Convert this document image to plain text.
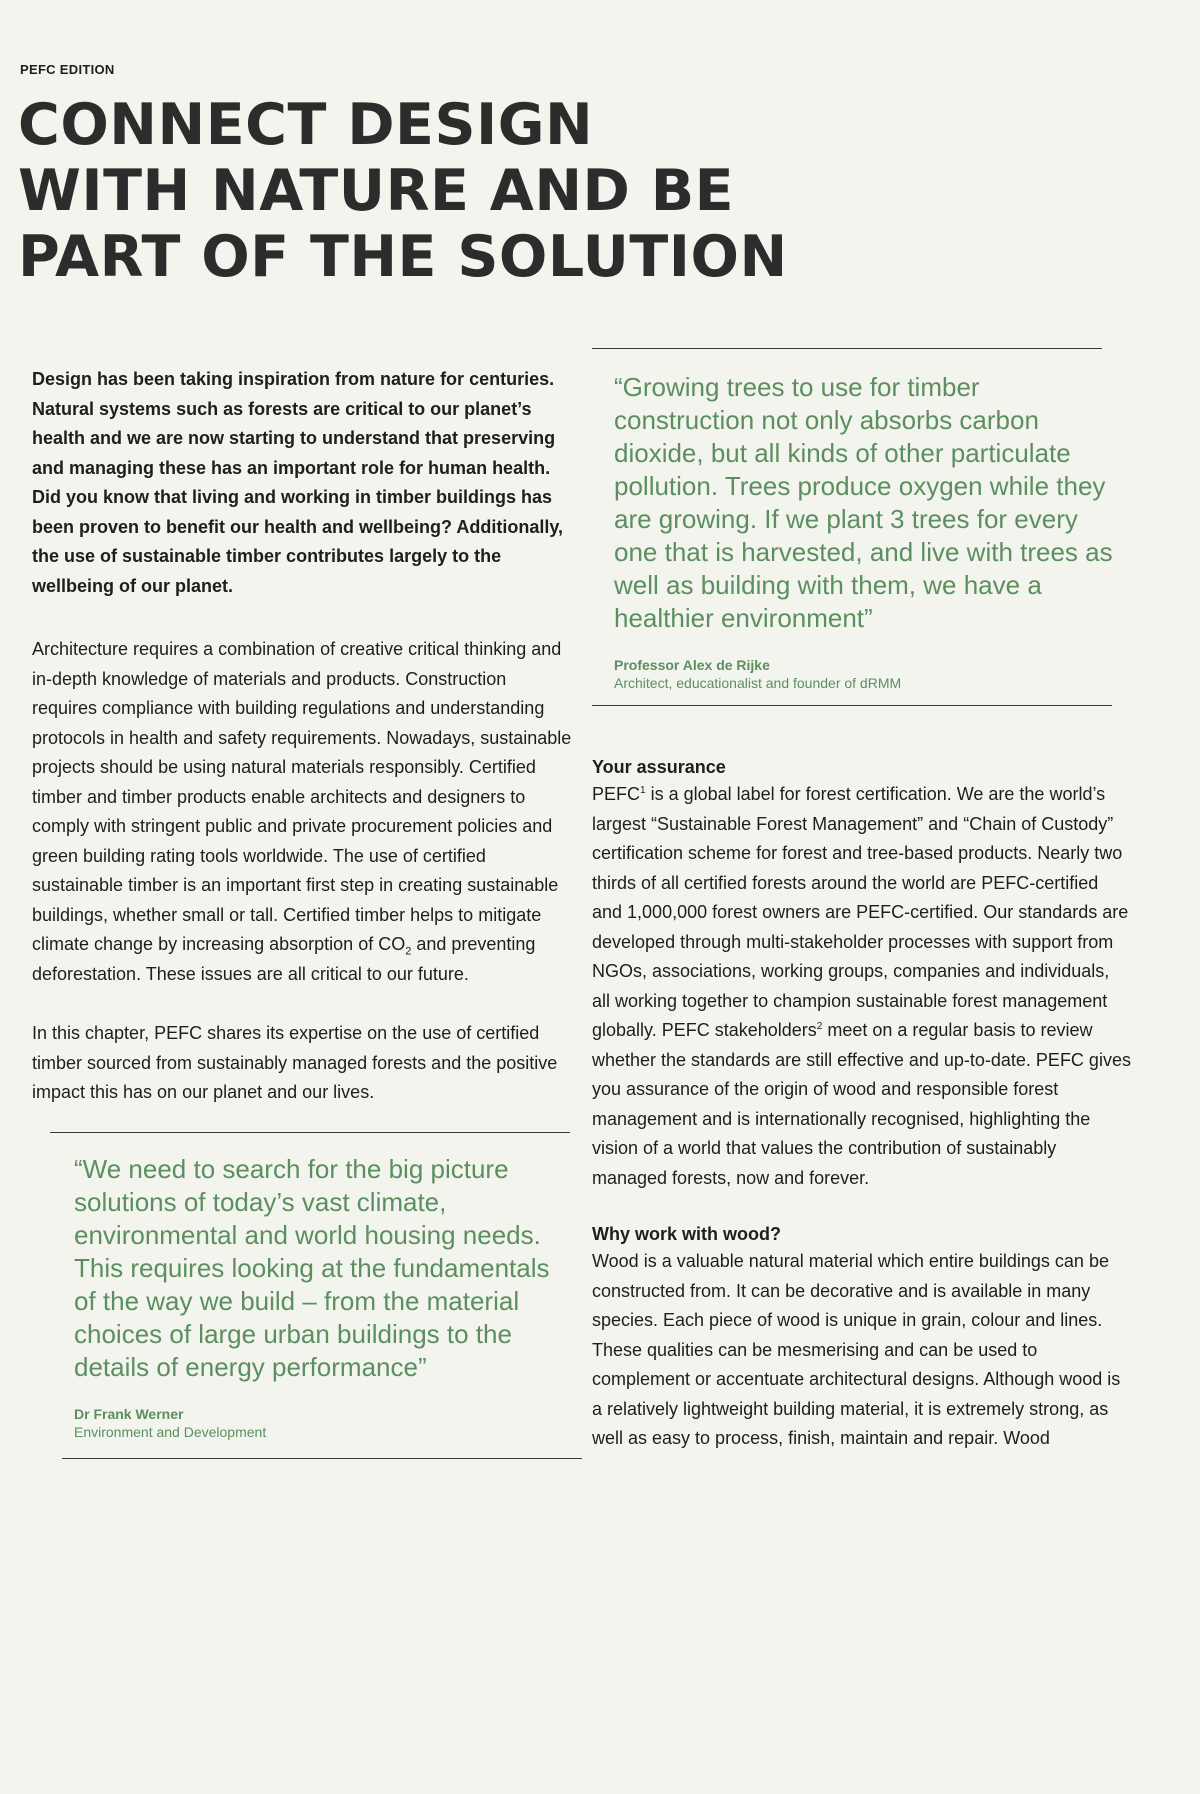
PEFC EDITION
CONNECT DESIGN
WITH NATURE AND BE
PART OF THE SOLUTION

Design has been taking inspiration from nature for centuries. Natural systems such as forests are critical to our planet’s health and we are now starting to understand that preserving and managing these has an important role for human health. Did you know that living and working in timber buildings has been proven to benefit our health and wellbeing? Additionally, the use of sustainable timber contributes largely to the wellbeing of our planet.

Architecture requires a combination of creative critical thinking and in-depth knowledge of materials and products. Construction requires compliance with building regulations and understanding protocols in health and safety requirements. Nowadays, sustainable projects should be using natural materials responsibly. Certified timber and timber products enable architects and designers to comply with stringent public and private procurement policies and green building rating tools worldwide. The use of certified sustainable timber is an important first step in creating sustainable buildings, whether small or tall. Certified timber helps to mitigate climate change by increasing absorption of $CO_2$ and preventing deforestation. These issues are all critical to our future.

In this chapter, PEFC shares its expertise on the use of certified timber sourced from sustainably managed forests and the positive impact this has on our planet and our lives.

“We need to search for the big picture solutions of today’s vast climate, environmental and world housing needs. This requires looking at the fundamentals of the way we build – from the material choices of large urban buildings to the details of energy performance”

Dr Frank Werner

Environment and Development

“Growing trees to use for timber construction not only absorbs carbon dioxide, but all kinds of other particulate pollution. Trees produce oxygen while they are growing. If we plant 3 trees for every one that is harvested, and live with trees as well as building with them, we have a healthier environment”

Professor Alex de Rijke

Architect, educationalist and founder of dRMM

Your assurance

PEFC$^1$ is a global label for forest certification. We are the world’s largest “Sustainable Forest Management” and “Chain of Custody” certification scheme for forest and tree-based products. Nearly two thirds of all certified forests around the world are PEFC-certified and 1,000,000 forest owners are PEFC-certified. Our standards are developed through multi-stakeholder processes with support from NGOs, associations, working groups, companies and individuals, all working together to champion sustainable forest management globally. PEFC stakeholders$^2$ meet on a regular basis to review whether the standards are still effective and up-to-date. PEFC gives you assurance of the origin of wood and responsible forest management and is internationally recognised, highlighting the vision of a world that values the contribution of sustainably managed forests, now and forever.

Why work with wood?

Wood is a valuable natural material which entire buildings can be constructed from. It can be decorative and is available in many species. Each piece of wood is unique in grain, colour and lines. These qualities can be mesmerising and can be used to complement or accentuate architectural designs. Although wood is a relatively lightweight building material, it is extremely strong, as well as easy to process, finish, maintain and repair. Wood
